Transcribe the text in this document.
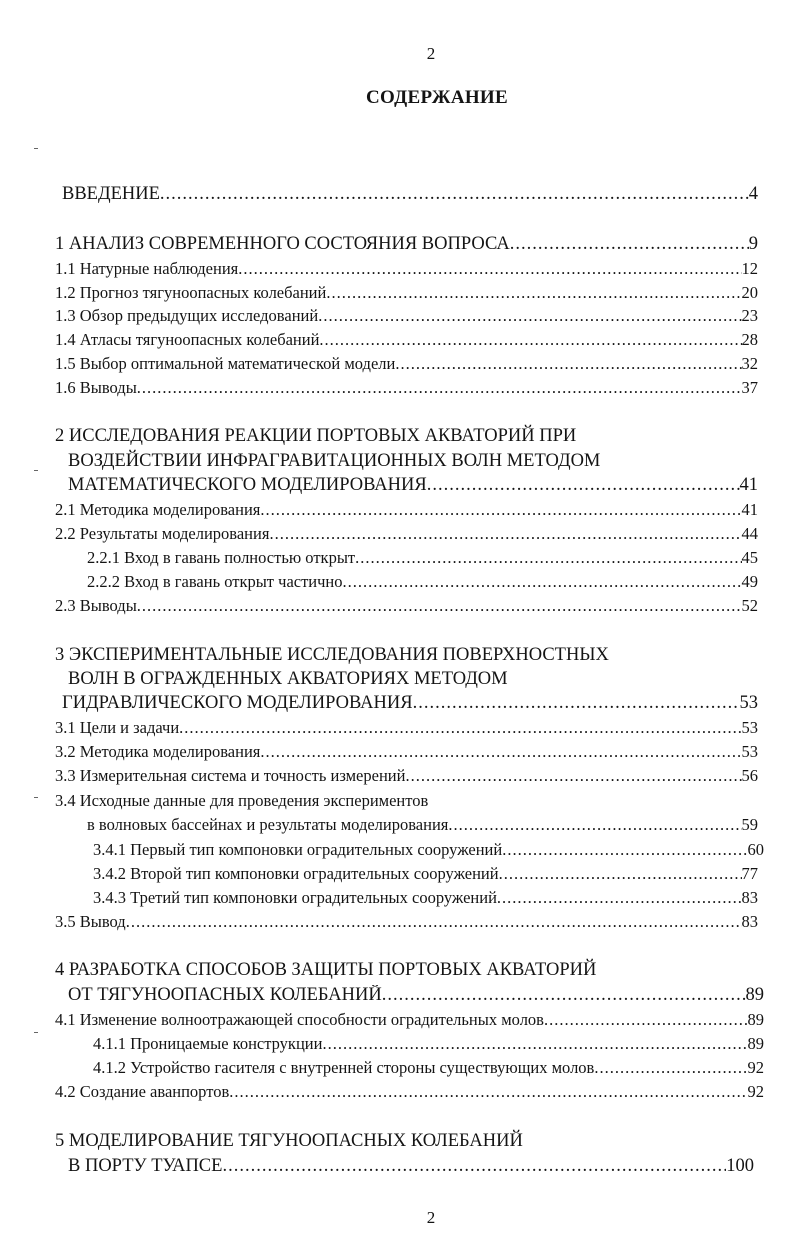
2
СОДЕРЖАНИЕ
ВВЕДЕНИЕ .....	4
1 АНАЛИЗ СОВРЕМЕННОГО СОСТОЯНИЯ ВОПРОСА .....	9
1.1 Натурные наблюдения .....	12
1.2 Прогноз тягуноопасных колебаний .....	20
1.3 Обзор предыдущих исследований .....	23
1.4 Атласы тягуноопасных колебаний .....	28
1.5 Выбор оптимальной математической модели .....	32
1.6 Выводы .....	37
2 ИССЛЕДОВАНИЯ РЕАКЦИИ ПОРТОВЫХ АКВАТОРИЙ ПРИ
ВОЗДЕЙСТВИИ ИНФРАГРАВИТАЦИОННЫХ ВОЛН МЕТОДОМ
МАТЕМАТИЧЕСКОГО МОДЕЛИРОВАНИЯ .....	41
2.1 Методика моделирования .....	41
2.2 Результаты моделирования .....	44
2.2.1 Вход в гавань полностью открыт .....	45
2.2.2 Вход в гавань открыт частично .....	49
2.3 Выводы .....	52
3 ЭКСПЕРИМЕНТАЛЬНЫЕ ИССЛЕДОВАНИЯ ПОВЕРХНОСТНЫХ
ВОЛН В ОГРАЖДЕННЫХ АКВАТОРИЯХ МЕТОДОМ
ГИДРАВЛИЧЕСКОГО МОДЕЛИРОВАНИЯ .....	53
3.1 Цели и задачи .....	53
3.2 Методика моделирования .....	53
3.3 Измерительная система и точность измерений .....	56
3.4 Исходные данные для проведения экспериментов
в волновых бассейнах и результаты моделирования .....	59
3.4.1 Первый тип компоновки оградительных сооружений .....	60
3.4.2 Второй тип компоновки оградительных сооружений .....	77
3.4.3 Третий тип компоновки оградительных сооружений .....	83
3.5 Вывод .....	83
4 РАЗРАБОТКА СПОСОБОВ ЗАЩИТЫ ПОРТОВЫХ АКВАТОРИЙ
ОТ ТЯГУНООПАСНЫХ КОЛЕБАНИЙ .....	89
4.1 Изменение волноотражающей способности оградительных молов .....	89
4.1.1 Проницаемые конструкции .....	89
4.1.2 Устройство гасителя с внутренней стороны существующих молов .....	92
4.2 Создание аванпортов .....	92
5 МОДЕЛИРОВАНИЕ ТЯГУНООПАСНЫХ КОЛЕБАНИЙ
В ПОРТУ ТУАПСЕ .....	100
2
